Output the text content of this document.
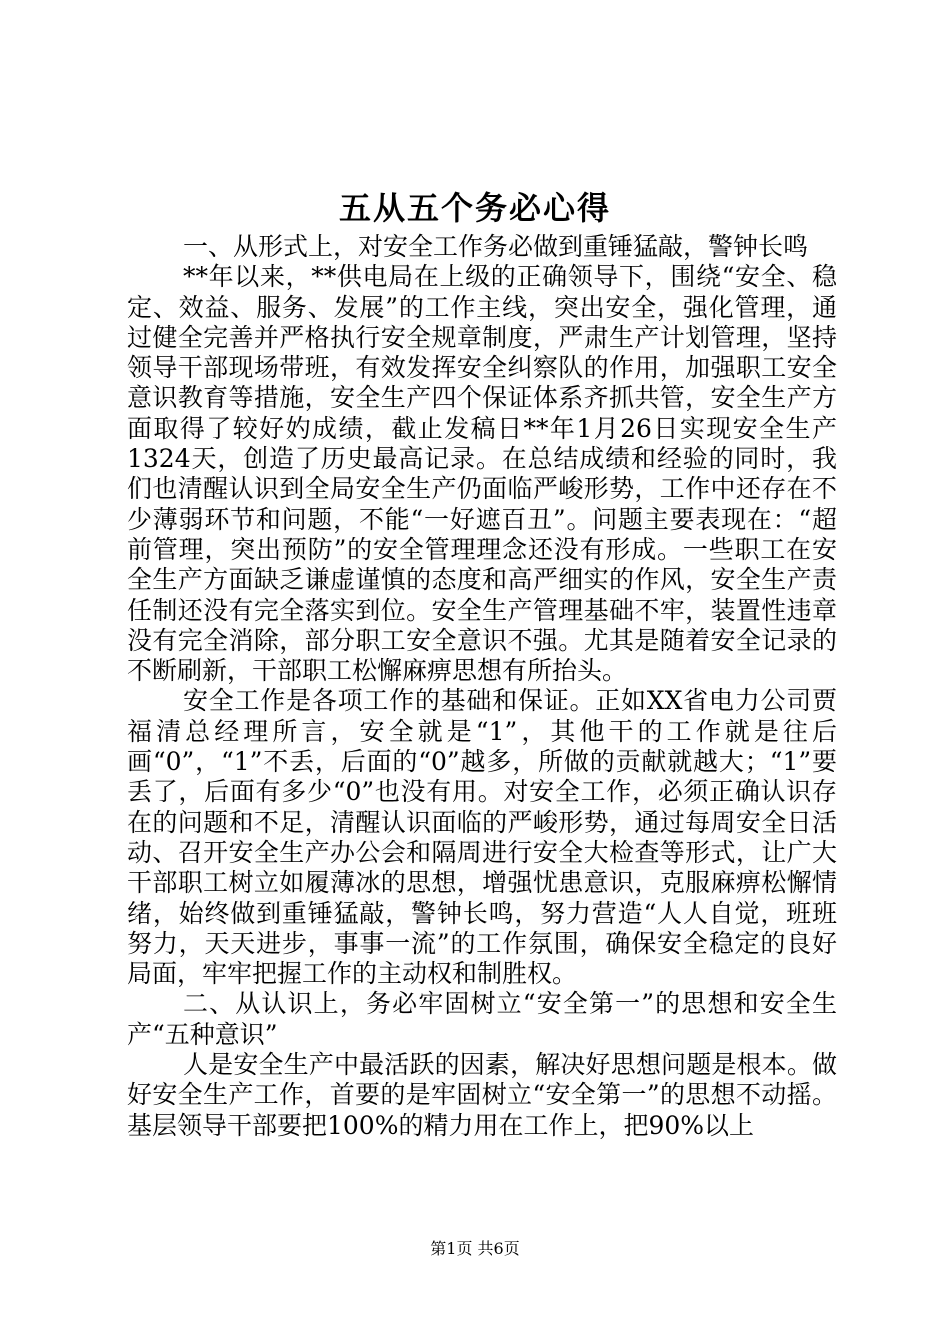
五从五个务必心得

一、从形式上，对安全工作务必做到重锤猛敲，警钟长鸣

**年以来，**供电局在上级的正确领导下，围绕“安全、稳定、效益、服务、发展”的工作主线，突出安全，强化管理，通过健全完善并严格执行安全规章制度，严肃生产计划管理，坚持领导干部现场带班，有效发挥安全纠察队的作用，加强职工安全意识教育等措施，安全生产四个保证体系齐抓共管，安全生产方面取得了较好妁成绩，截止发稿日**年1月26日实现安全生产1324天，创造了历史最高记录。在总结成绩和经验的同时，我们也清醒认识到全局安全生产仍面临严峻形势，工作中还存在不少薄弱环节和问题，不能“一好遮百丑”。问题主要表现在：“超前管理，突出预防”的安全管理理念还没有形成。一些职工在安全生产方面缺乏谦虚谨慎的态度和高严细实的作风，安全生产责任制还没有完全落实到位。安全生产管理基础不牢，装置性违章没有完全消除，部分职工安全意识不强。尤其是随着安全记录的不断刷新，干部职工松懈麻痹思想有所抬头。

安全工作是各项工作的基础和保证。正如XX省电力公司贾福清总经理所言，安全就是“1”，其他干的工作就是往后画“0”，“1”不丢，后面的“0”越多，所做的贡献就越大；“1”要丢了，后面有多少“0”也没有用。对安全工作，必须正确认识存在的问题和不足，清醒认识面临的严峻形势，通过每周安全日活动、召开安全生产办公会和隔周进行安全大检查等形式，让广大干部职工树立如履薄冰的思想，增强忧患意识，克服麻痹松懈情绪，始终做到重锤猛敲，警钟长鸣，努力营造“人人自觉，班班努力，天天进步，事事一流”的工作氛围，确保安全稳定的良好局面，牢牢把握工作的主动权和制胜权。

二、从认识上，务必牢固树立“安全第一”的思想和安全生产“五种意识”

人是安全生产中最活跃的因素，解决好思想问题是根本。做好安全生产工作，首要的是牢固树立“安全第一”的思想不动摇。基层领导干部要把100%的精力用在工作上，把90%以上

第1页 共6页
